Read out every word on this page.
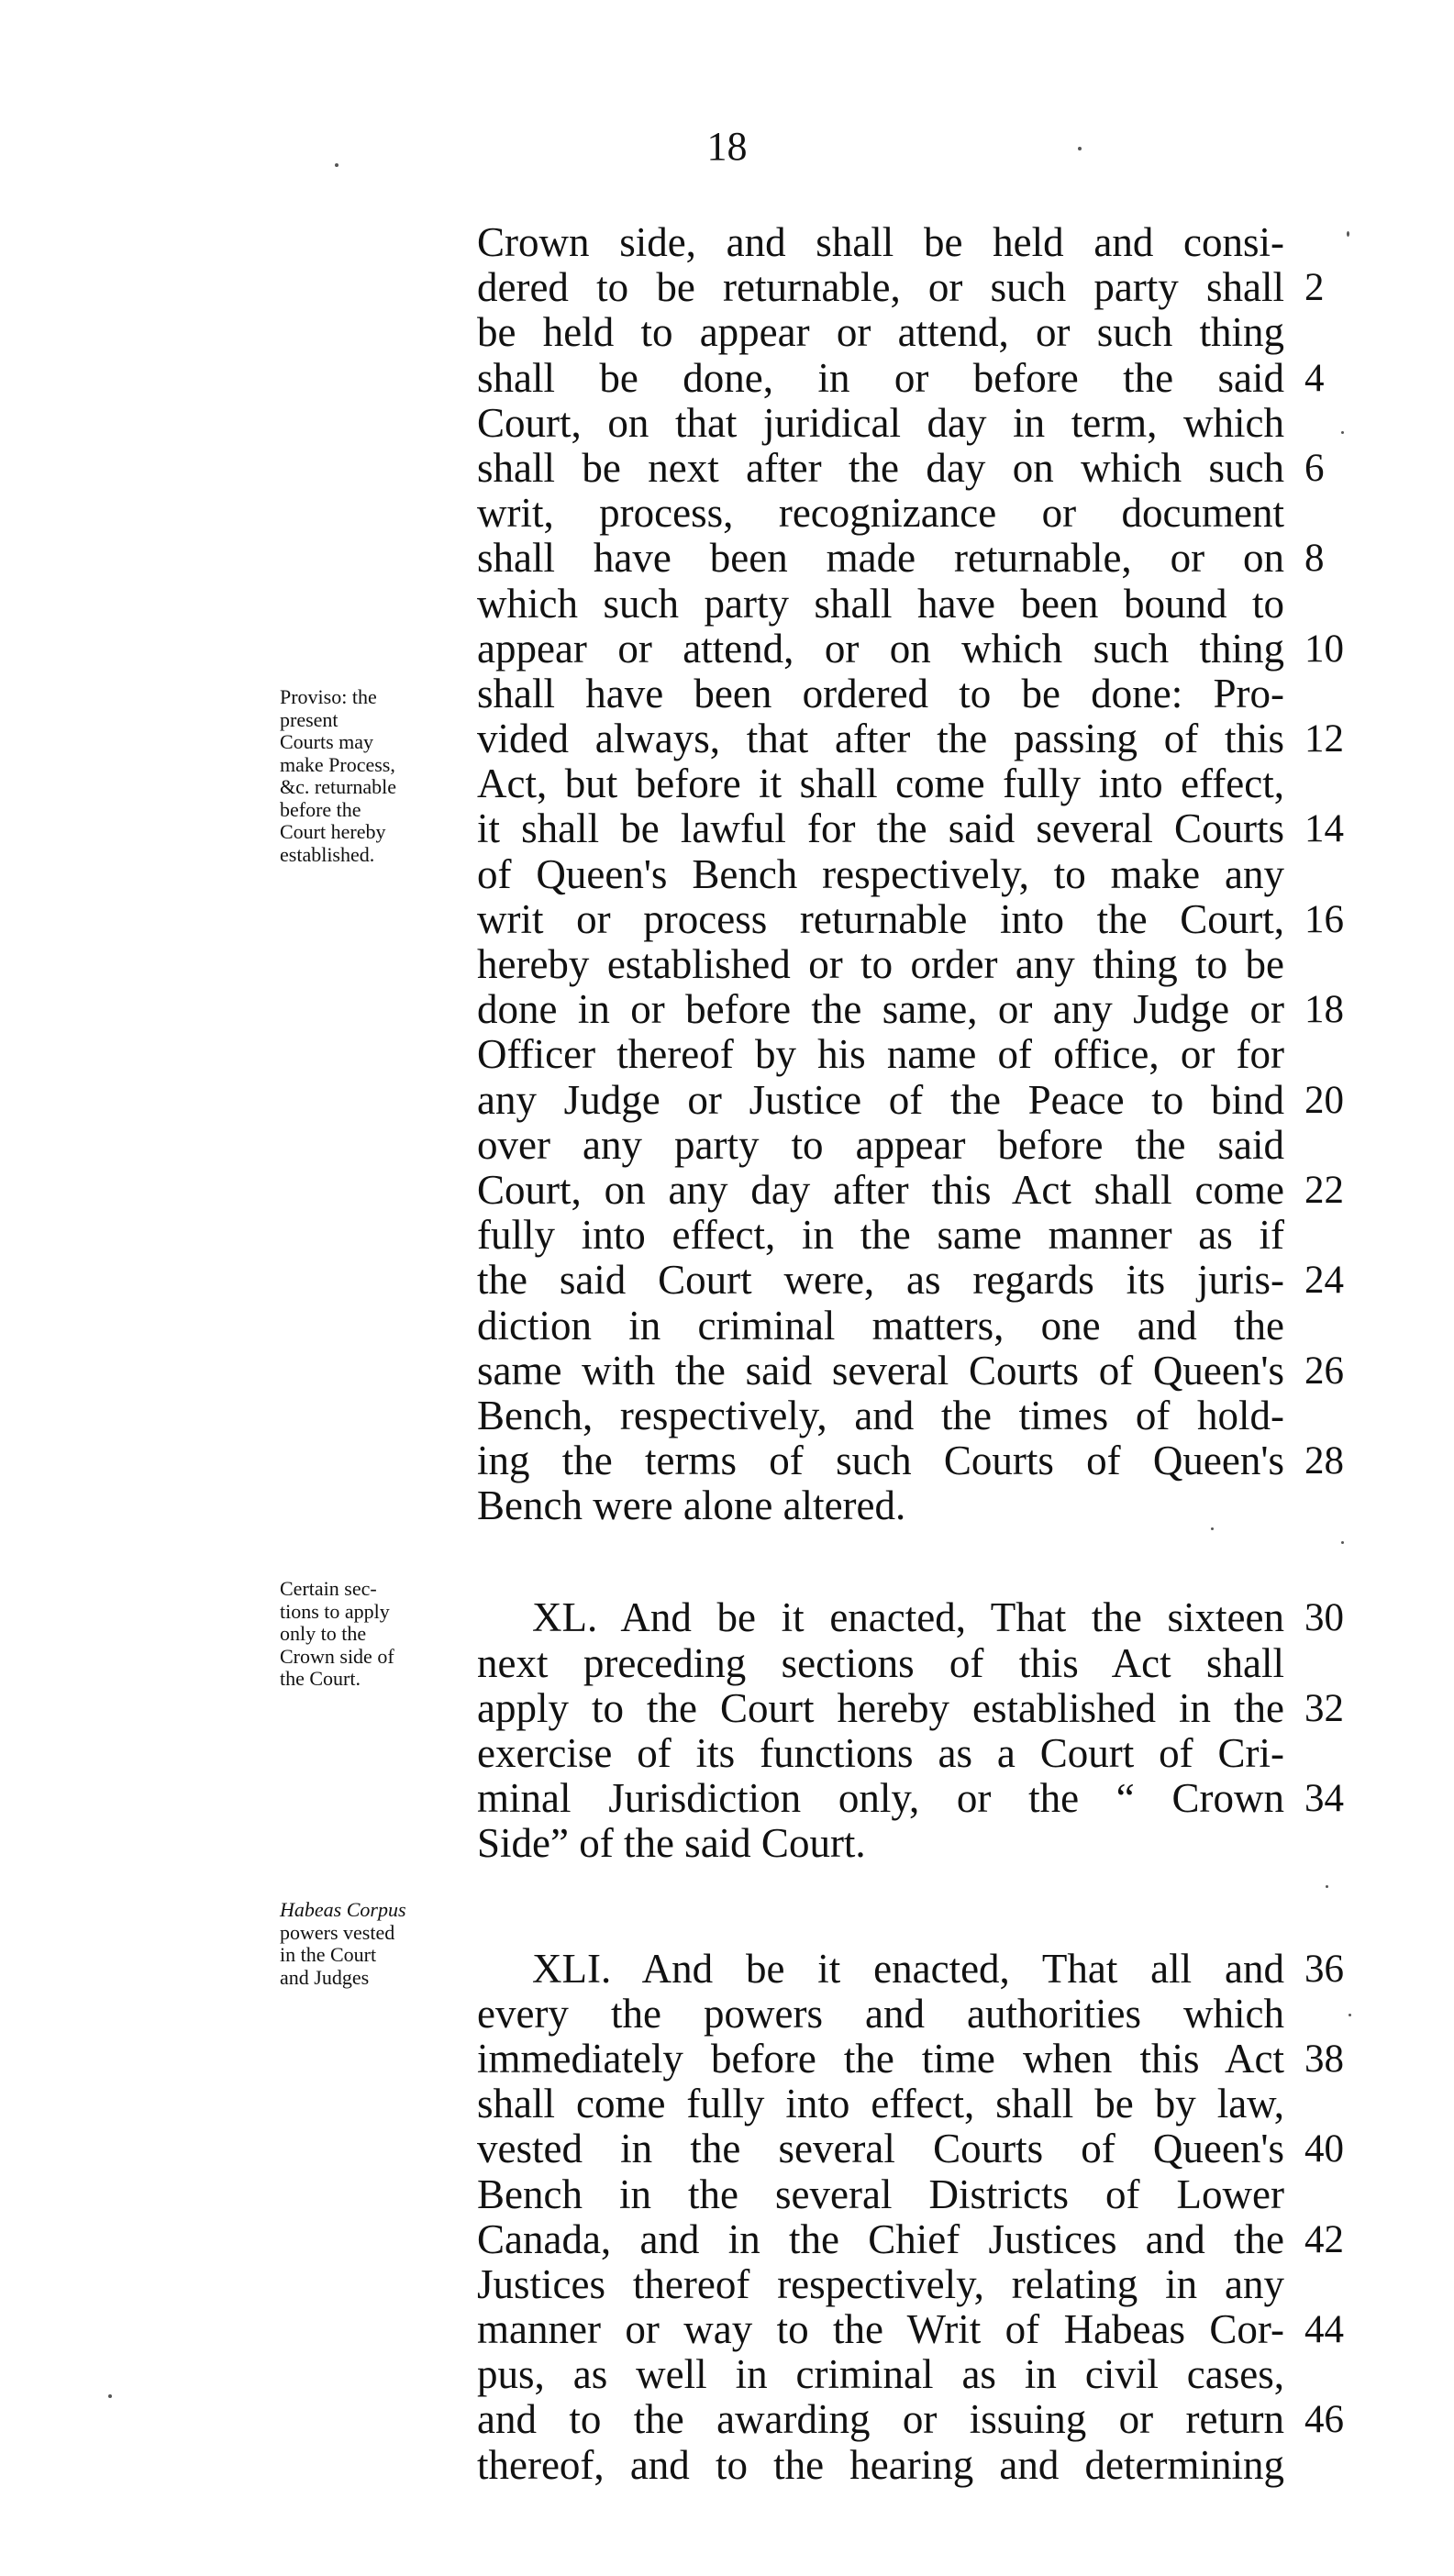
18
Crown side, and shall be held and consi-
dered to be returnable, or such party shall 2
be held to appear or attend, or such thing
shall be done, in or before the said 4
Court, on that juridical day in term, which
shall be next after the day on which such 6
writ, process, recognizance or document
shall have been made returnable, or on 8
which such party shall have been bound to
appear or attend, or on which such thing 10
shall have been ordered to be done: Pro-
vided always, that after the passing of this 12
Act, but before it shall come fully into effect,
it shall be lawful for the said several Courts 14
of Queen's Bench respectively, to make any
writ or process returnable into the Court, 16
hereby established or to order any thing to be
done in or before the same, or any Judge or 18
Officer thereof by his name of office, or for
any Judge or Justice of the Peace to bind 20
over any party to appear before the said
Court, on any day after this Act shall come 22
fully into effect, in the same manner as if
the said Court were, as regards its juris- 24
diction in criminal matters, one and the
same with the said several Courts of Queen's 26
Bench, respectively, and the times of hold-
ing the terms of such Courts of Queen's 28
Bench were alone altered.
XL. And be it enacted, That the sixteen 30
next preceding sections of this Act shall
apply to the Court hereby established in the 32
exercise of its functions as a Court of Cri-
minal Jurisdiction only, or the “ Crown 34
Side” of the said Court.
XLI. And be it enacted, That all and 36
every the powers and authorities which
immediately before the time when this Act 38
shall come fully into effect, shall be by law,
vested in the several Courts of Queen's 40
Bench in the several Districts of Lower
Canada, and in the Chief Justices and the 42
Justices thereof respectively, relating in any
manner or way to the Writ of Habeas Cor- 44
pus, as well in criminal as in civil cases,
and to the awarding or issuing or return 46
thereof, and to the hearing and determining
Proviso: the
present
Courts may
make Process,
&c. returnable
before the
Court hereby
established.
Certain sec-
tions to apply
only to the
Crown side of
the Court.
Habeas Corpus
powers vested
in the Court
and Judges
